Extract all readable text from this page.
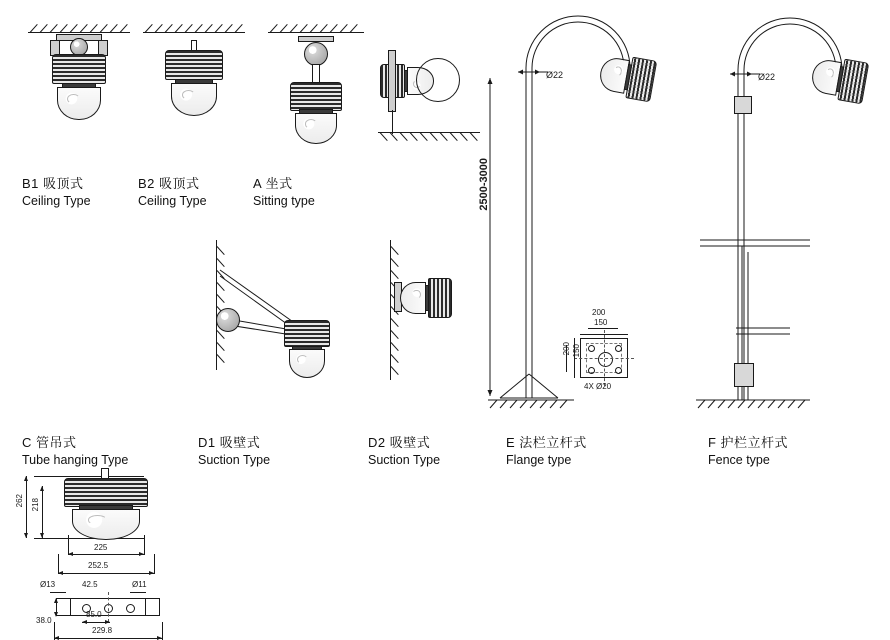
262 218
225
252.5
Ø13	Ø11
42.5
85.0
38.0
229.8
Ø22
2500-3000
200
150
200 150
4X Ø20
Ø22
B1 吸顶式
Ceiling Type
B2 吸顶式
Ceiling Type
A 坐式
Sitting type
C 管吊式
Tube hanging Type
D1 吸壁式
Suction Type
D2 吸壁式
Suction Type
E 法栏立杆式
Flange type
F 护栏立杆式
Fence type
